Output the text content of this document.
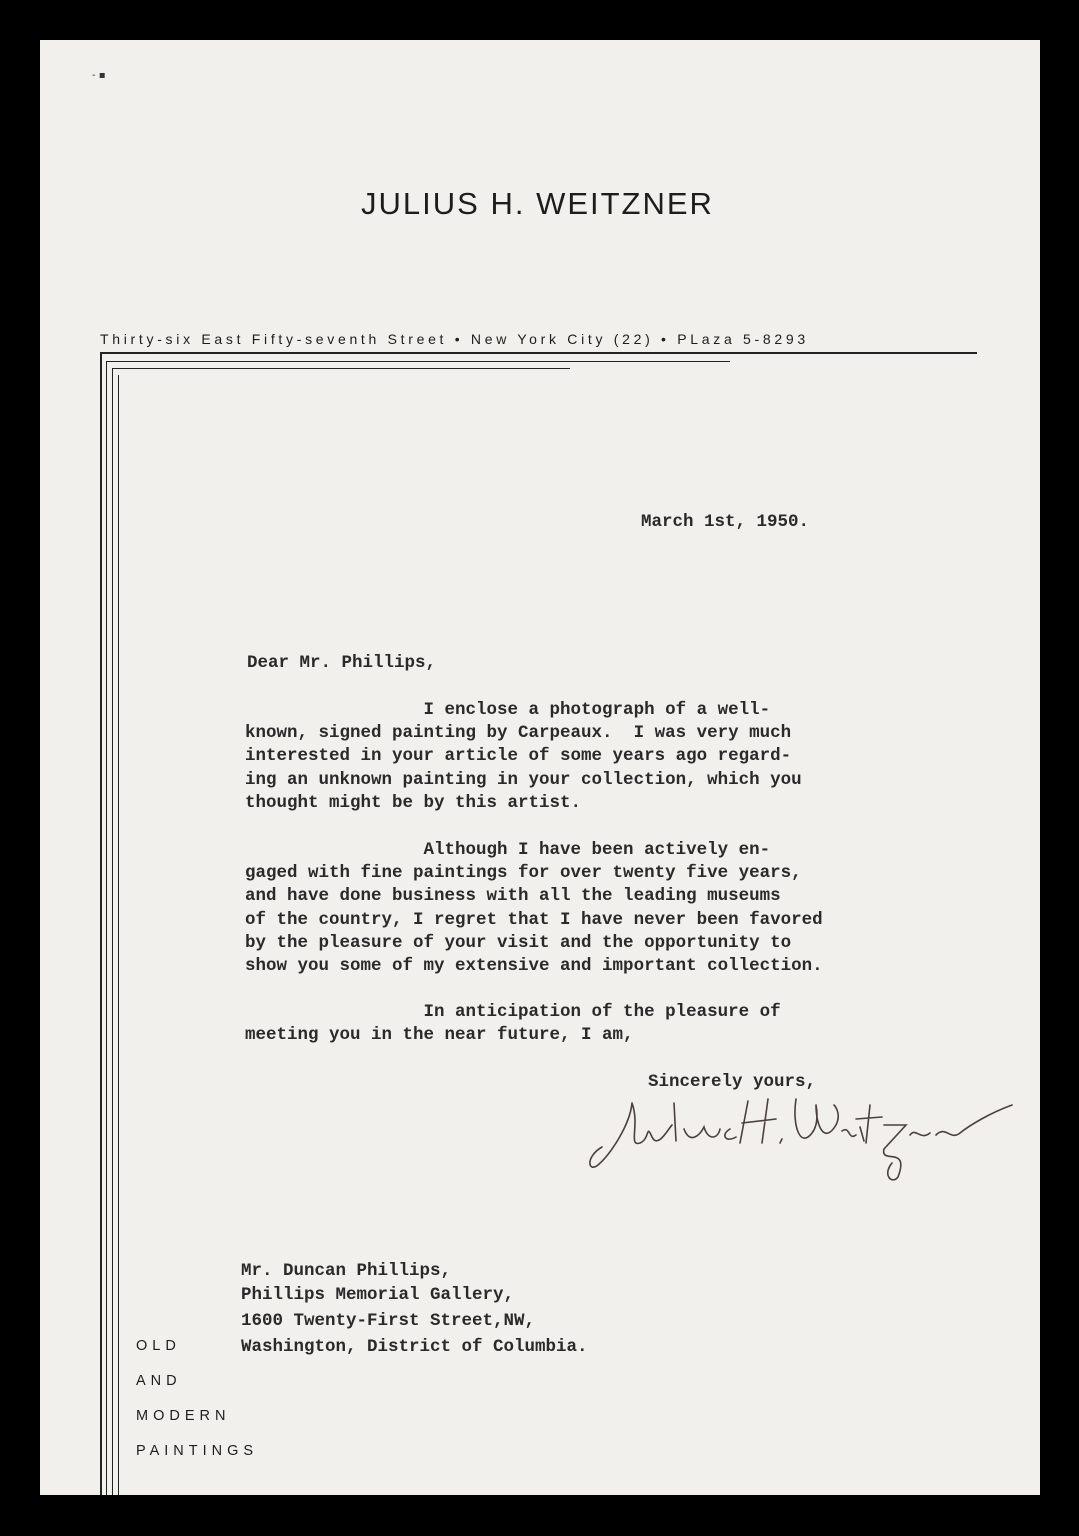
‑ ▪
JULIUS H. WEITZNER
Thirty-six East Fifty-seventh Street • New York City (22) • PLaza 5-8293
March 1st, 1950.
Dear Mr. Phillips,
I enclose a photograph of a well-
known, signed painting by Carpeaux.  I was very much
interested in your article of some years ago regard-
ing an unknown painting in your collection, which you
thought might be by this artist.
Although I have been actively en-
gaged with fine paintings for over twenty five years,
and have done business with all the leading museums
of the country, I regret that I have never been favored
by the pleasure of your visit and the opportunity to
show you some of my extensive and important collection.
In anticipation of the pleasure of
meeting you in the near future, I am,
Sincerely yours,
Mr. Duncan Phillips,
Phillips Memorial Gallery,
1600 Twenty-First Street,NW,
Washington, District of Columbia.
OLD
AND
MODERN
PAINTINGS
